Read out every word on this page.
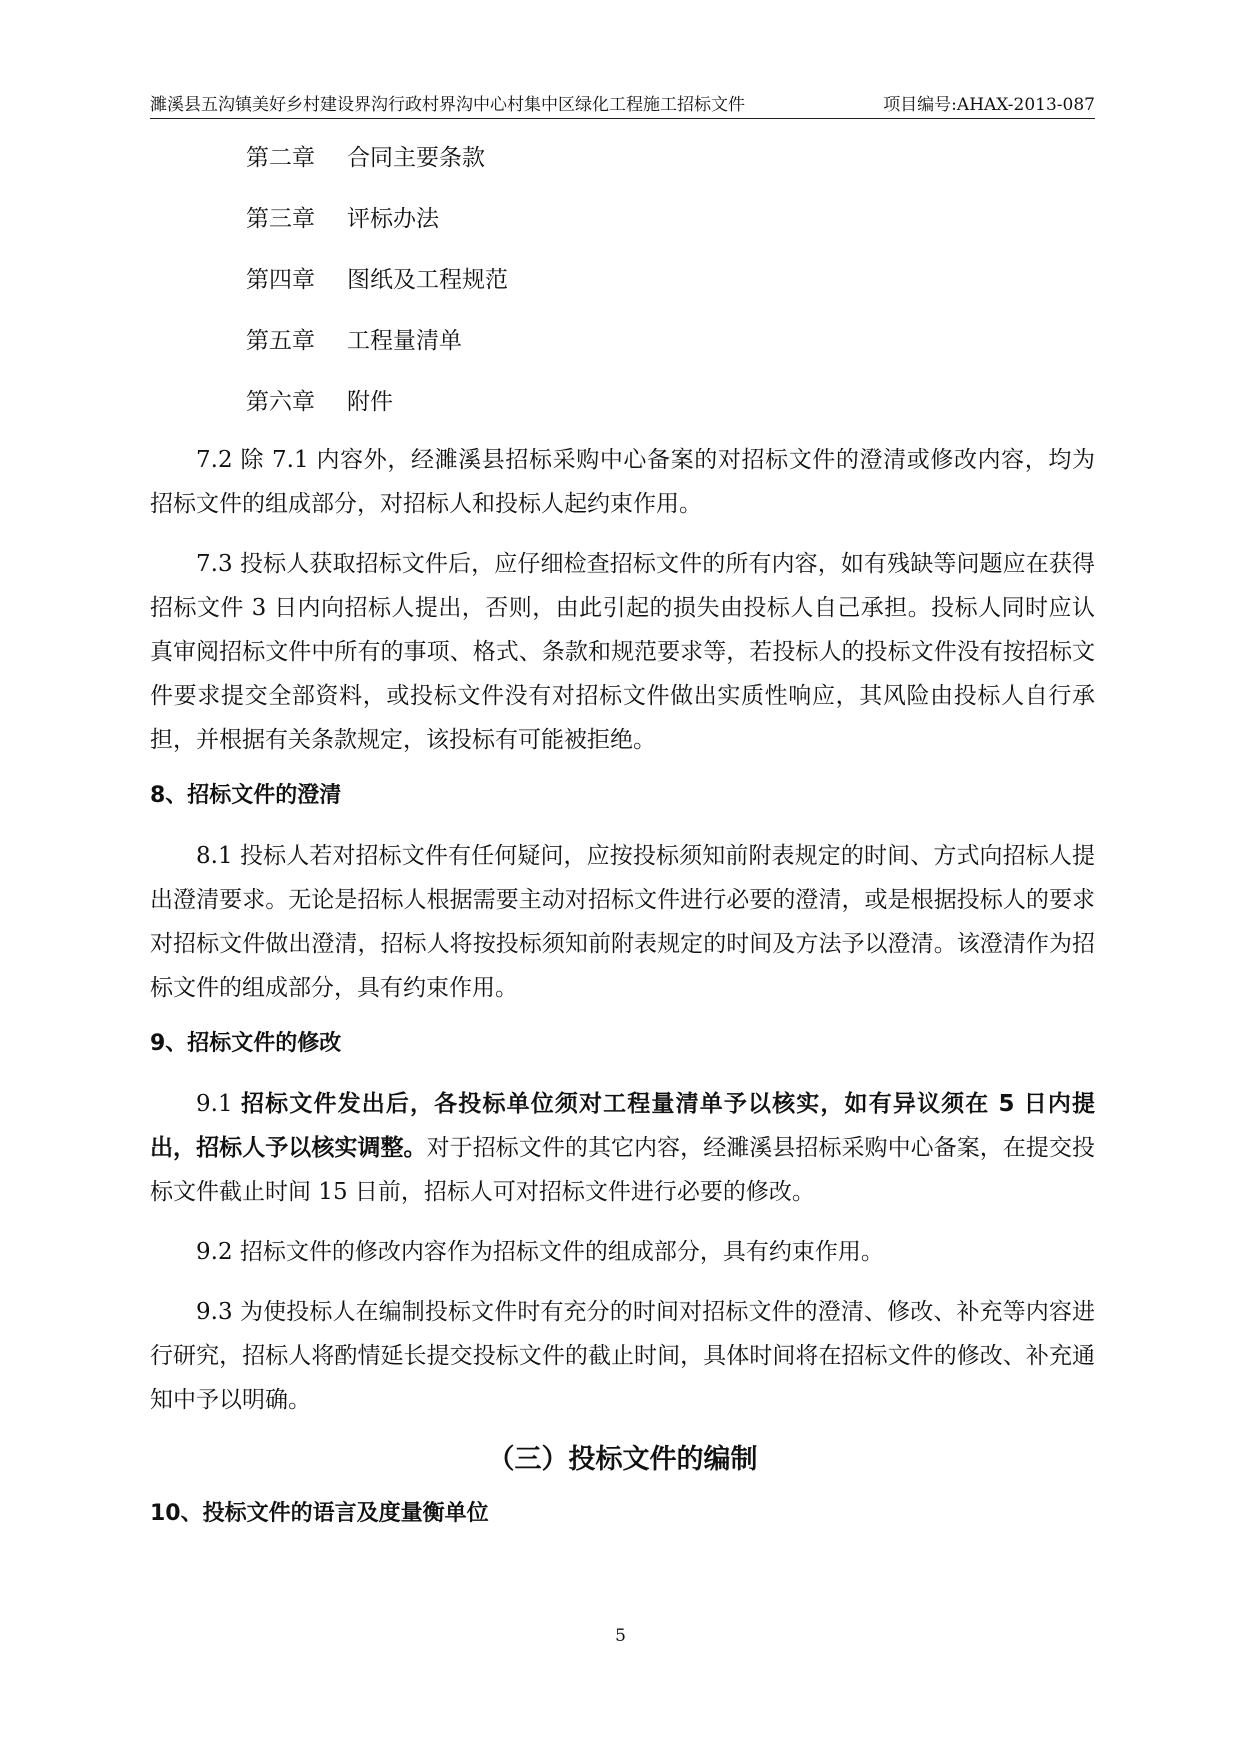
濉溪县五沟镇美好乡村建设界沟行政村界沟中心村集中区绿化工程施工招标文件	项目编号:AHAX-2013-087
第二章 合同主要条款
第三章 评标办法
第四章 图纸及工程规范
第五章 工程量清单
第六章 附件

7.2 除 7.1 内容外，经濉溪县招标采购中心备案的对招标文件的澄清或修改内容，均为招标文件的组成部分，对招标人和投标人起约束作用。

7.3 投标人获取招标文件后，应仔细检查招标文件的所有内容，如有残缺等问题应在获得招标文件 3 日内向招标人提出，否则，由此引起的损失由投标人自己承担。投标人同时应认真审阅招标文件中所有的事项、格式、条款和规范要求等，若投标人的投标文件没有按招标文件要求提交全部资料，或投标文件没有对招标文件做出实质性响应，其风险由投标人自行承担，并根据有关条款规定，该投标有可能被拒绝。

8、招标文件的澄清

8.1 投标人若对招标文件有任何疑问，应按投标须知前附表规定的时间、方式向招标人提出澄清要求。无论是招标人根据需要主动对招标文件进行必要的澄清，或是根据投标人的要求对招标文件做出澄清，招标人将按投标须知前附表规定的时间及方法予以澄清。该澄清作为招标文件的组成部分，具有约束作用。

9、招标文件的修改

9.1 招标文件发出后，各投标单位须对工程量清单予以核实，如有异议须在 5 日内提出，招标人予以核实调整。对于招标文件的其它内容，经濉溪县招标采购中心备案，在提交投标文件截止时间 15 日前，招标人可对招标文件进行必要的修改。

9.2 招标文件的修改内容作为招标文件的组成部分，具有约束作用。

9.3 为使投标人在编制投标文件时有充分的时间对招标文件的澄清、修改、补充等内容进行研究，招标人将酌情延长提交投标文件的截止时间，具体时间将在招标文件的修改、补充通知中予以明确。

（三）投标文件的编制
10、投标文件的语言及度量衡单位
5
